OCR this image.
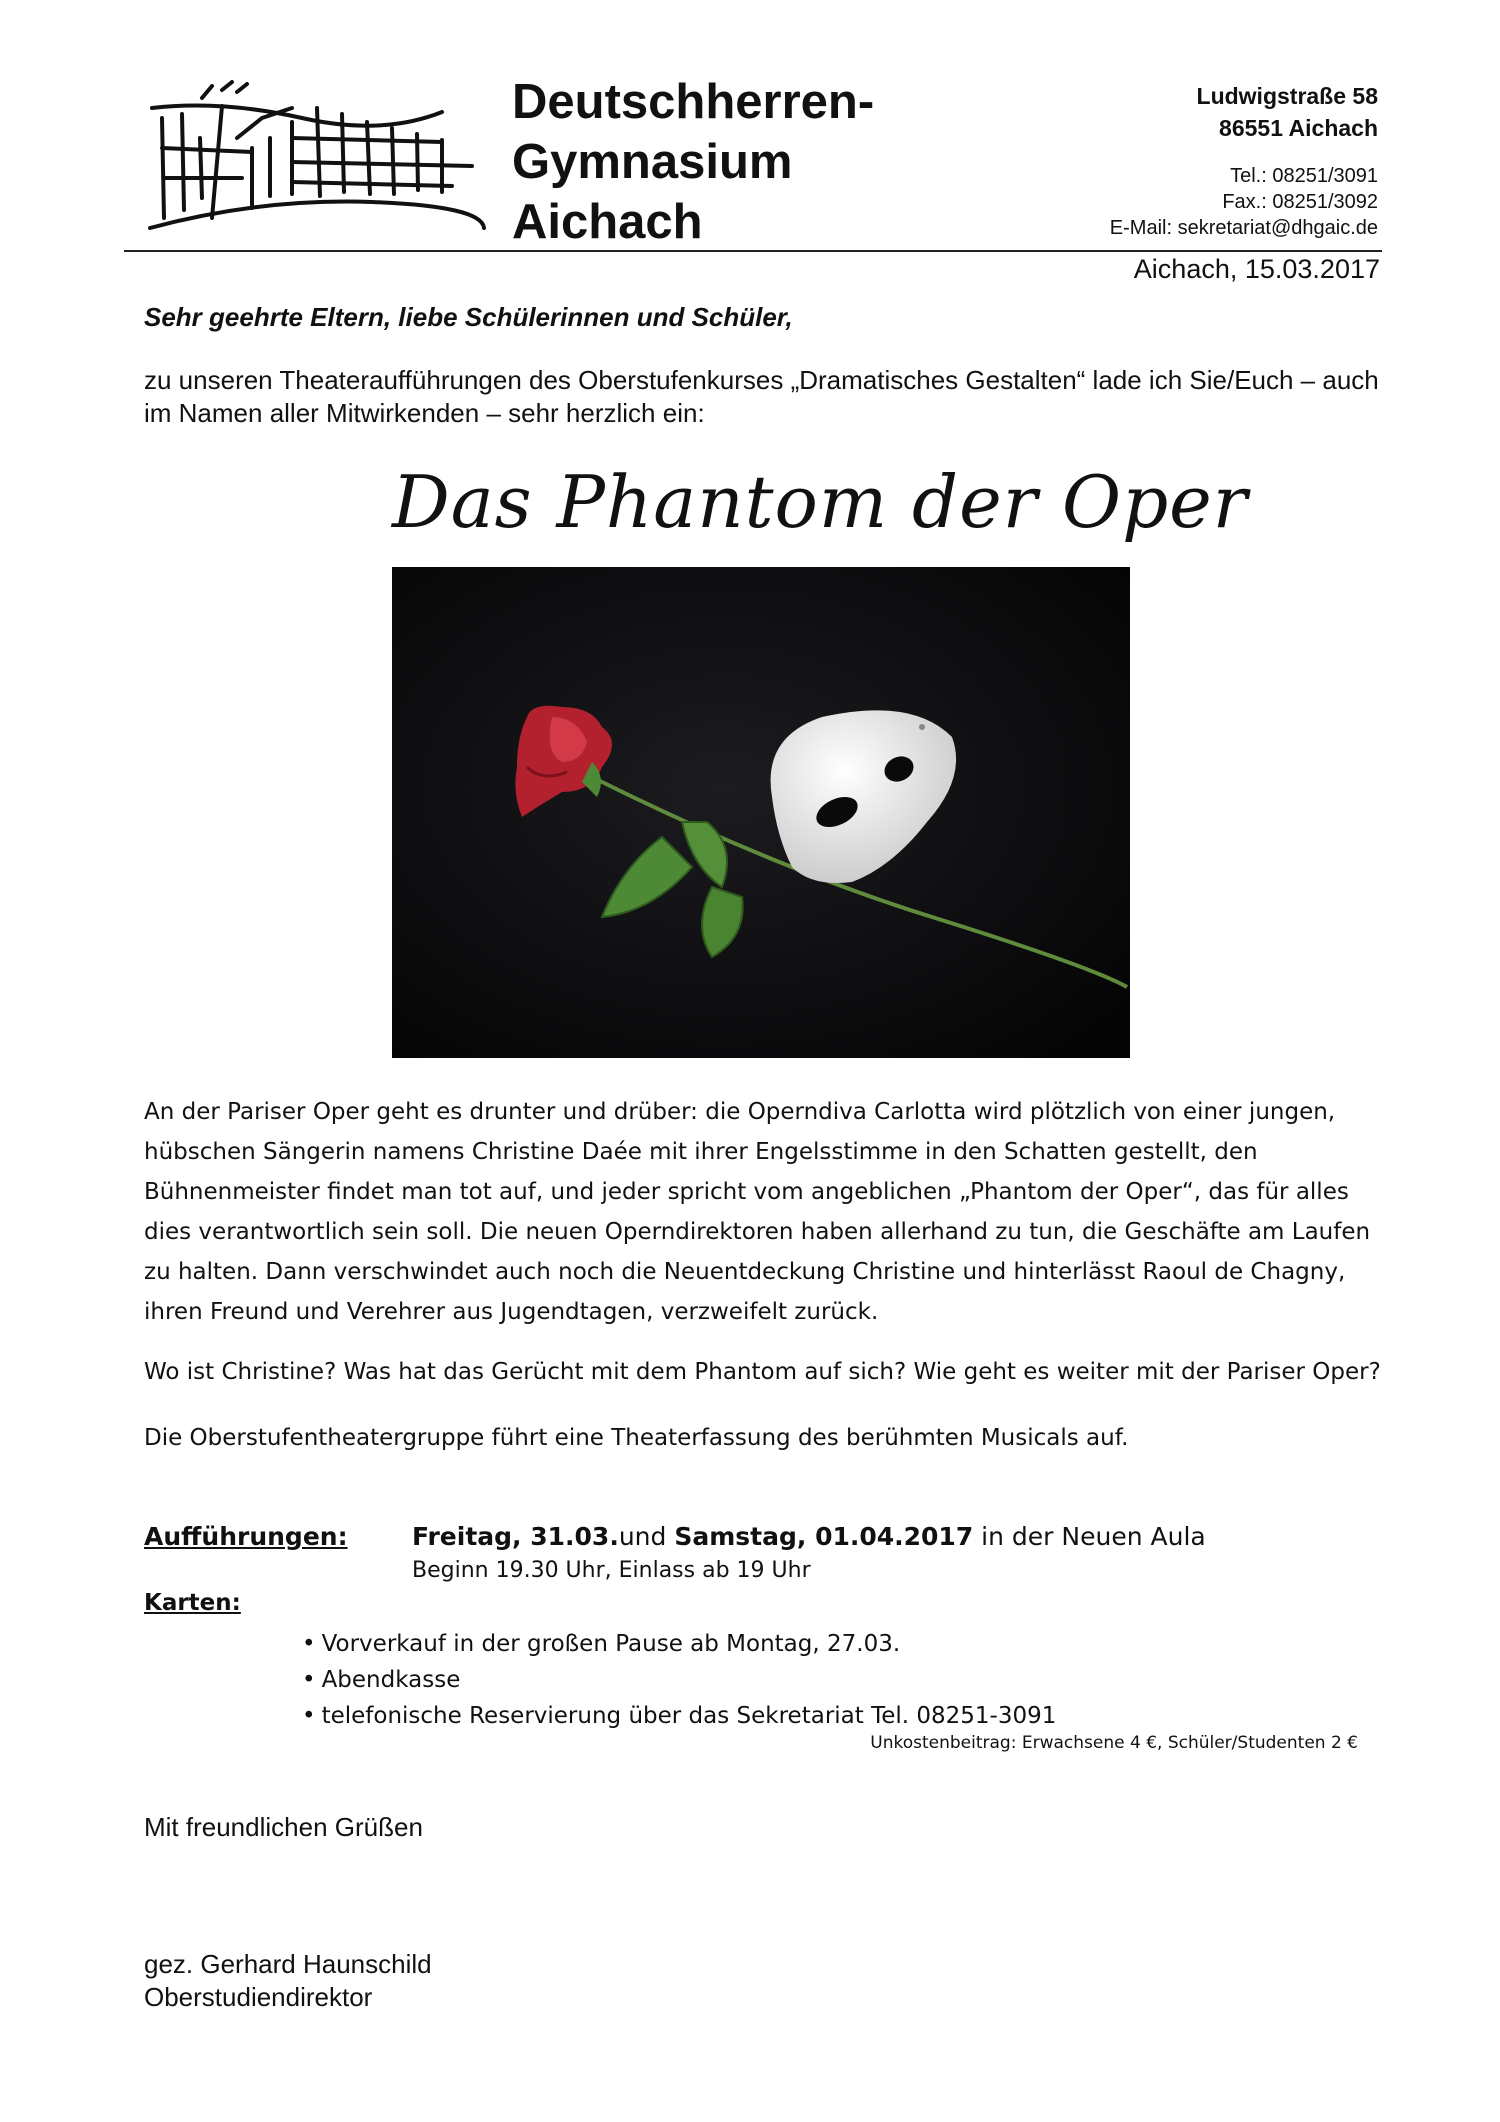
Deutschherren-
Gymnasium
Aichach
Ludwigstraße 58
86551 Aichach
Tel.: 08251/3091
Fax.: 08251/3092
E-Mail: sekretariat@dhgaic.de
Aichach, 15.03.2017
Sehr geehrte Eltern, liebe Schülerinnen und Schüler,
zu unseren Theateraufführungen des Oberstufenkurses „Dramatisches Gestalten“ lade ich Sie/Euch – auch im Namen aller Mitwirkenden – sehr herzlich ein:
Das Phantom der Oper
An der Pariser Oper geht es drunter und drüber: die Operndiva Carlotta wird plötzlich von einer jungen, hübschen Sängerin namens Christine Daée mit ihrer Engelsstimme in den Schatten gestellt, den Bühnenmeister findet man tot auf, und jeder spricht vom angeblichen „Phantom der Oper“, das für alles dies verantwortlich sein soll. Die neuen Operndirektoren haben allerhand zu tun, die Geschäfte am Laufen zu halten. Dann verschwindet auch noch die Neuentdeckung Christine und hinterlässt Raoul de Chagny, ihren Freund und Verehrer aus Jugendtagen, verzweifelt zurück.
Wo ist Christine? Was hat das Gerücht mit dem Phantom auf sich? Wie geht es weiter mit der Pariser Oper?
Die Oberstufentheatergruppe führt eine Theaterfassung des berühmten Musicals auf.
Aufführungen:	Freitag, 31.03.und Samstag, 01.04.2017 in der Neuen Aula
Beginn 19.30 Uhr, Einlass ab 19 Uhr
Karten:
• Vorverkauf in der großen Pause ab Montag, 27.03.
• Abendkasse
• telefonische Reservierung über das Sekretariat Tel. 08251-3091
Unkostenbeitrag: Erwachsene 4 €, Schüler/Studenten 2 €
Mit freundlichen Grüßen
gez. Gerhard Haunschild
Oberstudiendirektor
